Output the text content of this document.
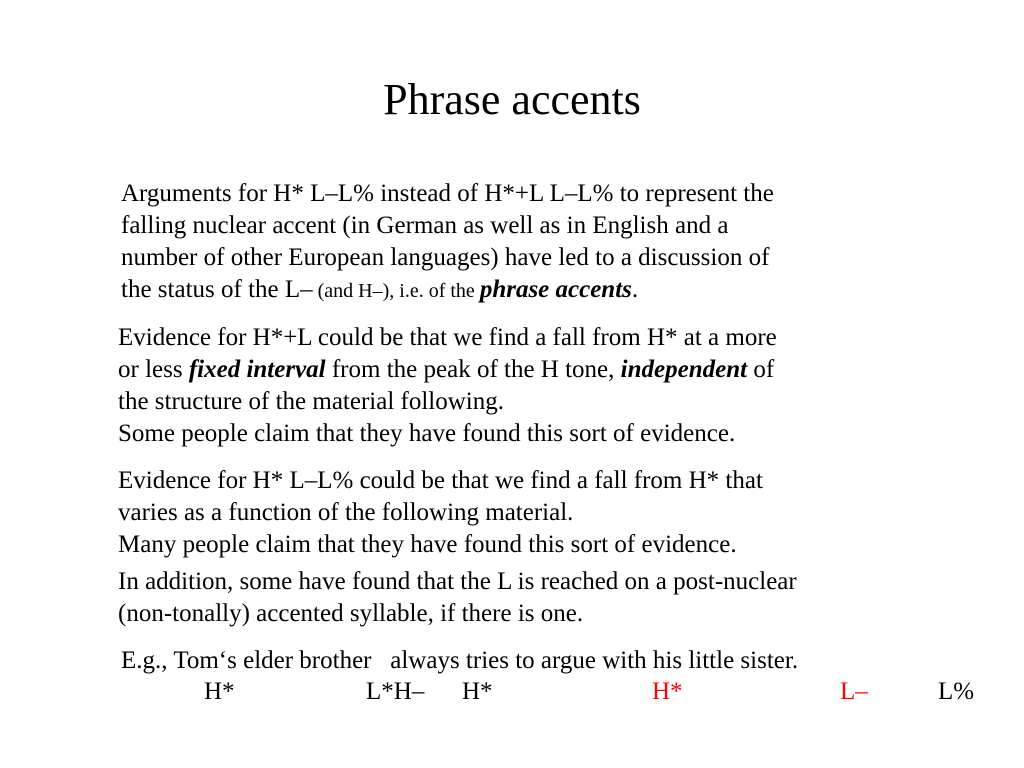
Phrase accents
Arguments for H* L–L% instead of H*+L L–L% to represent the
falling nuclear accent (in German as well as in English and a
number of other European languages) have led to a discussion of
the status of the L– (and H–), i.e. of the phrase accents.
Evidence for H*+L could be that we find a fall from H* at a more
or less fixed interval from the peak of the H tone, independent of
the structure of the material following.
Some people claim that they have found this sort of evidence.
Evidence for H* L–L% could be that we find a fall from H* that
varies as a function of the following material.
Many people claim that they have found this sort of evidence.
In addition, some have found that the L is reached on a post-nuclear
(non-tonally) accented syllable, if there is one.
E.g., Tom‘s elder brother   always tries to argue with his little sister.
H*	L*H– H*	H*	L–	L%
